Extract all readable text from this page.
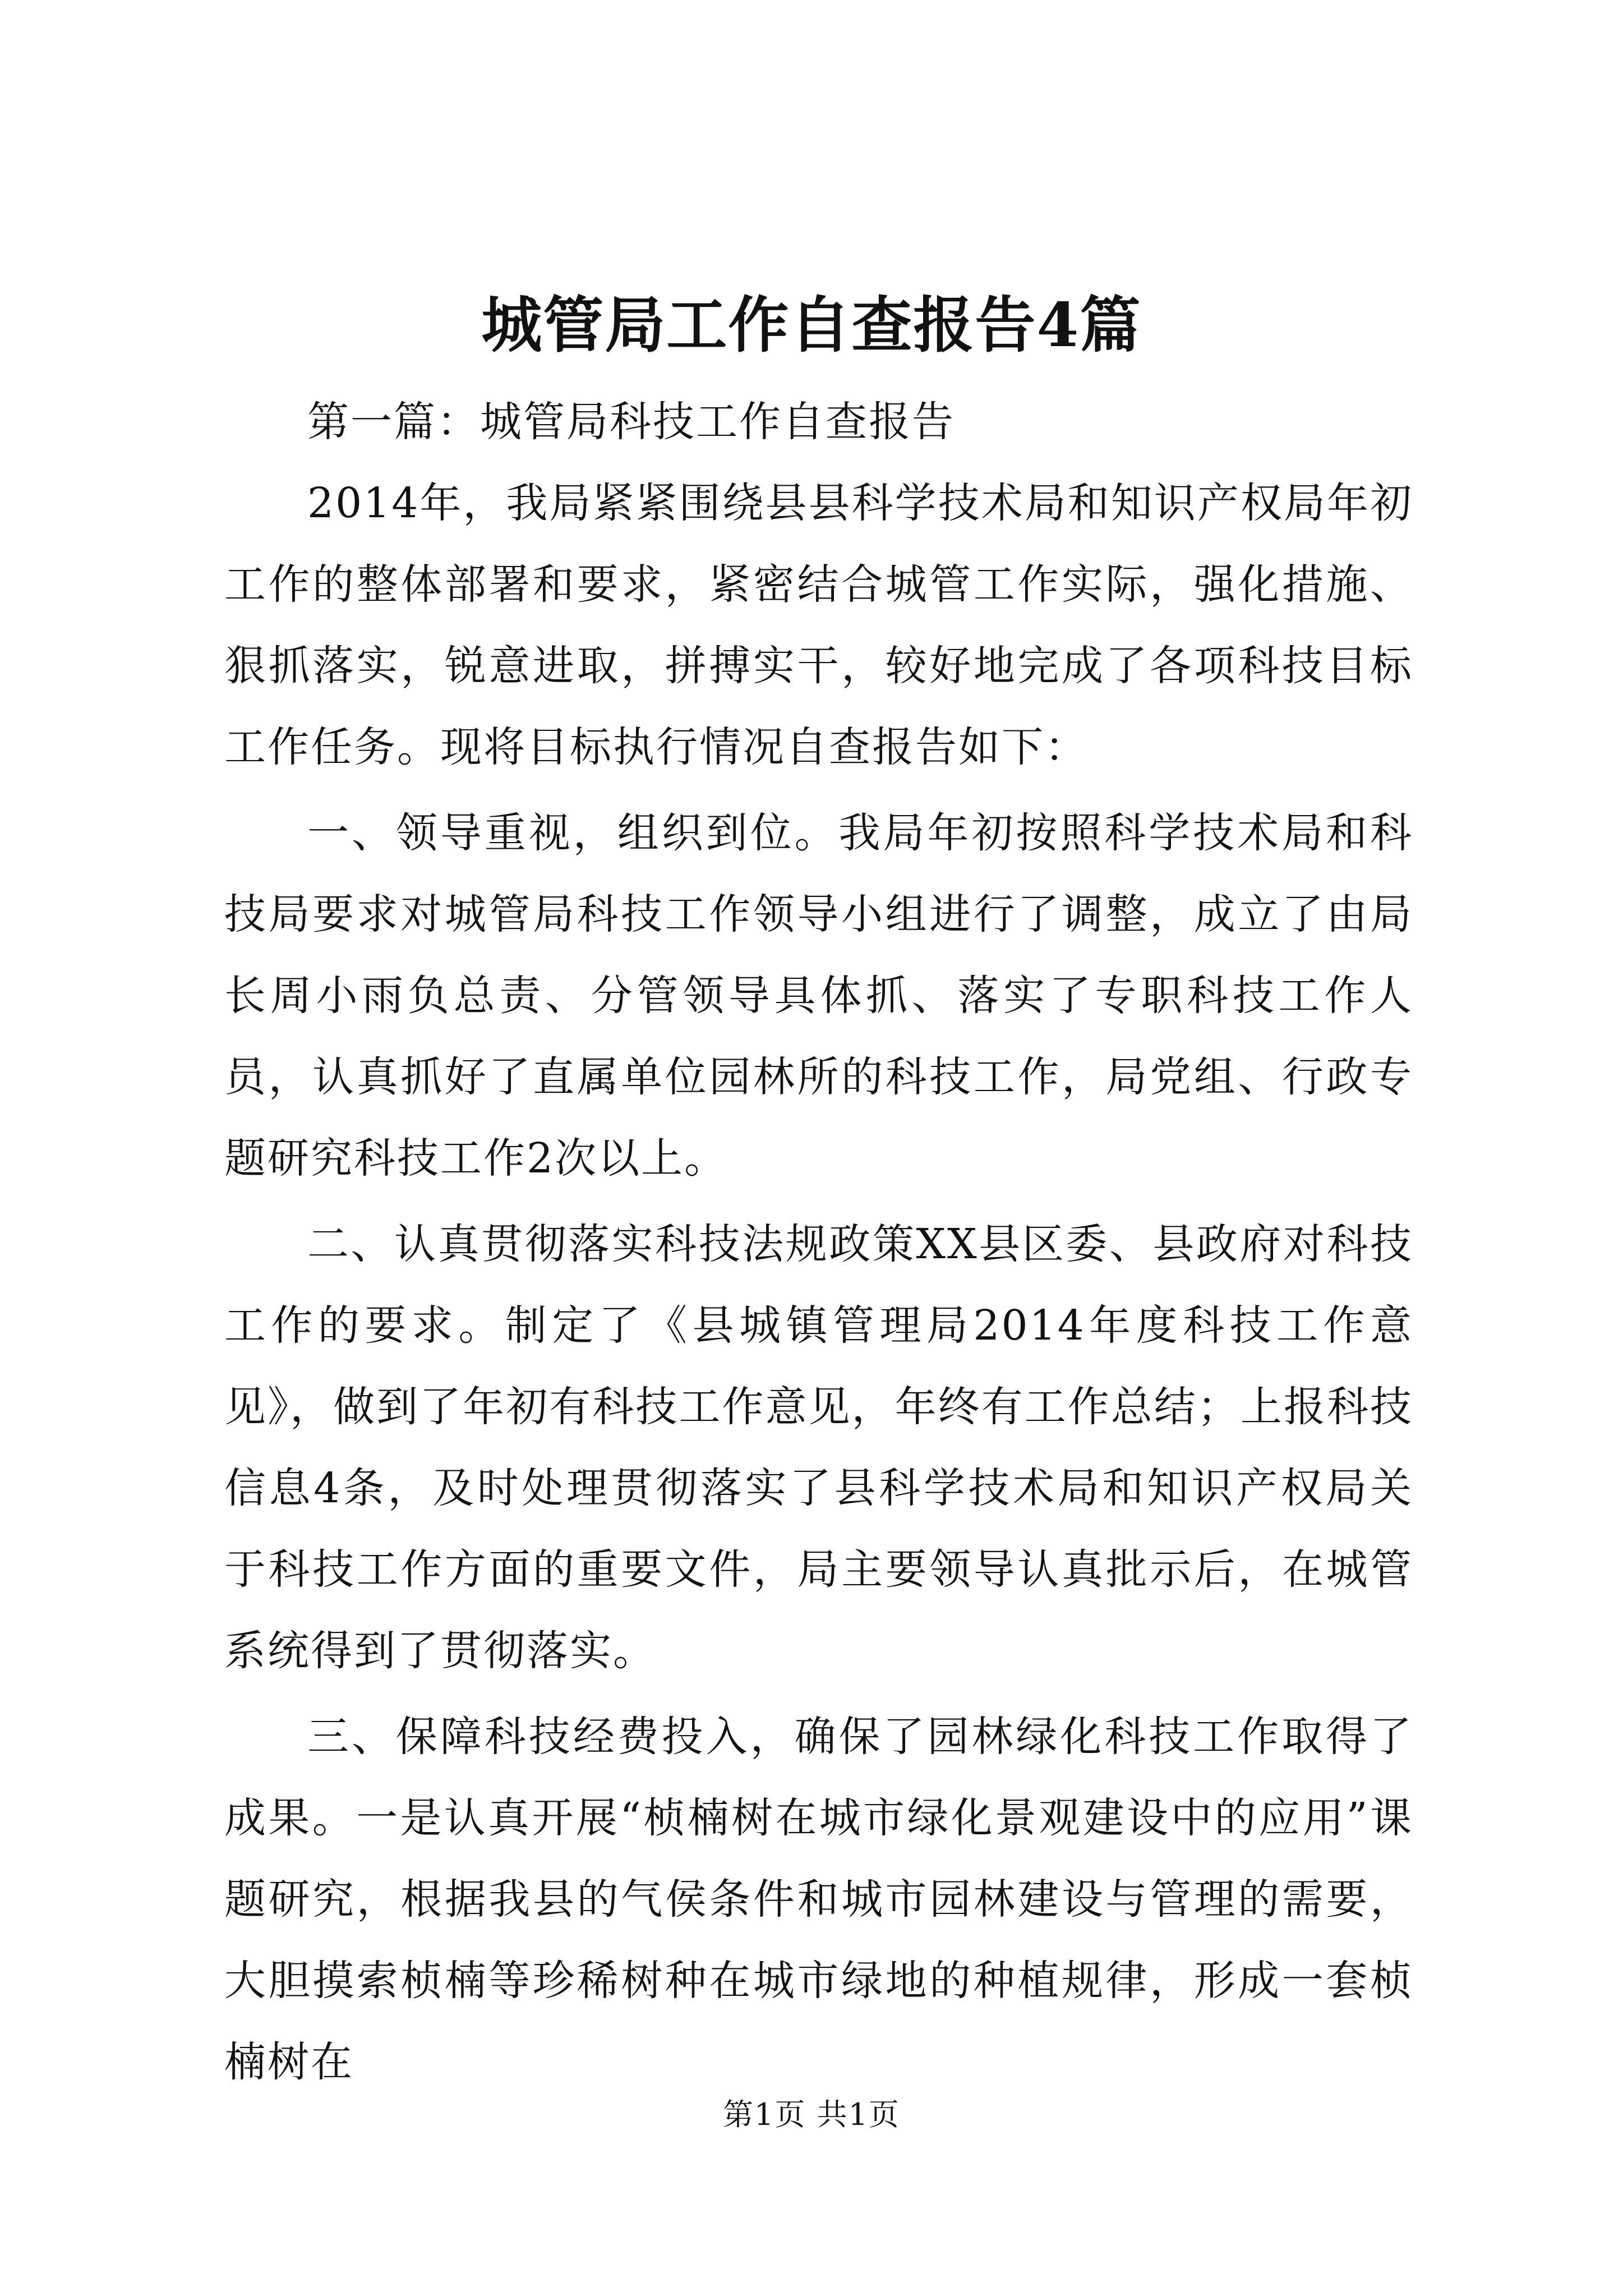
城管局工作自查报告4篇

第一篇：城管局科技工作自查报告

2014年，我局紧紧围绕县县科学技术局和知识产权局年初工作的整体部署和要求，紧密结合城管工作实际，强化措施、狠抓落实，锐意进取，拼搏实干，较好地完成了各项科技目标工作任务。现将目标执行情况自查报告如下：

一、领导重视，组织到位。我局年初按照科学技术局和科技局要求对城管局科技工作领导小组进行了调整，成立了由局长周小雨负总责、分管领导具体抓、落实了专职科技工作人员，认真抓好了直属单位园林所的科技工作，局党组、行政专题研究科技工作2次以上。

二、认真贯彻落实科技法规政策XX县区委、县政府对科技工作的要求。制定了《县城镇管理局2014年度科技工作意见》，做到了年初有科技工作意见，年终有工作总结；上报科技信息4条，及时处理贯彻落实了县科学技术局和知识产权局关于科技工作方面的重要文件，局主要领导认真批示后，在城管系统得到了贯彻落实。

三、保障科技经费投入，确保了园林绿化科技工作取得了成果。一是认真开展“桢楠树在城市绿化景观建设中的应用”课题研究，根据我县的气侯条件和城市园林建设与管理的需要，大胆摸索桢楠等珍稀树种在城市绿地的种植规律，形成一套桢楠树在

第1页 共1页
